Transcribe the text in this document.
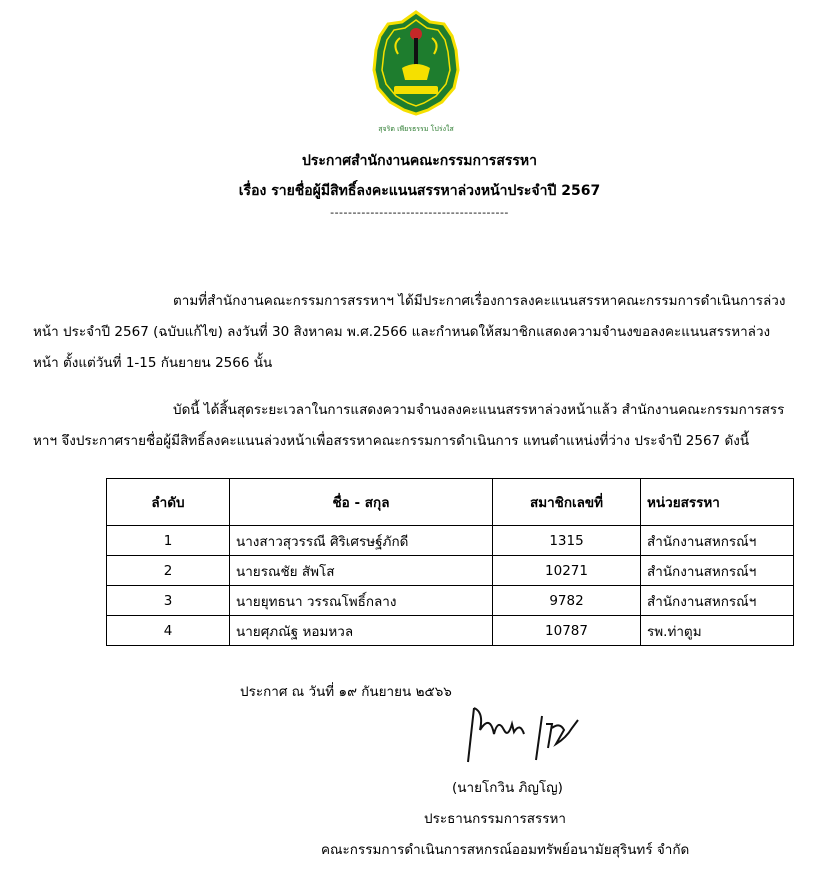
สุจริต เพียรธรรม โปร่งใส
ประกาศสำนักงานคณะกรรมการสรรหา
เรื่อง รายชื่อผู้มีสิทธิ์ลงคะแนนสรรหาล่วงหน้าประจำปี 2567
----------------------------------------
ตามที่สำนักงานคณะกรรมการสรรหาฯ ได้มีประกาศเรื่องการลงคะแนนสรรหาคณะกรรมการดำเนินการล่วงหน้า ประจำปี 2567 (ฉบับแก้ไข) ลงวันที่ 30 สิงหาคม พ.ศ.2566 และกำหนดให้สมาชิกแสดงความจำนงขอลงคะแนนสรรหาล่วงหน้า ตั้งแต่วันที่ 1-15 กันยายน 2566 นั้น
บัดนี้ ได้สิ้นสุดระยะเวลาในการแสดงความจำนงลงคะแนนสรรหาล่วงหน้าแล้ว สำนักงานคณะกรรมการสรรหาฯ จึงประกาศรายชื่อผู้มีสิทธิ์ลงคะแนนล่วงหน้าเพื่อสรรหาคณะกรรมการดำเนินการ แทนตำแหน่งที่ว่าง ประจำปี 2567 ดังนี้
ลำดับ	ชื่อ - สกุล	สมาชิกเลขที่	หน่วยสรรหา
1	นางสาวสุวรรณี ศิริเศรษฐ์ภักดี	1315	สำนักงานสหกรณ์ฯ
2	นายรณชัย สัพโส	10271	สำนักงานสหกรณ์ฯ
3	นายยุทธนา วรรณโพธิ์กลาง	9782	สำนักงานสหกรณ์ฯ
4	นายศุภณัฐ หอมหวล	10787	รพ.ท่าตูม
ประกาศ ณ วันที่ ๑๙ กันยายน ๒๕๖๖
(นายโกวิน ภิญโญ)
ประธานกรรมการสรรหา
คณะกรรมการดำเนินการสหกรณ์ออมทรัพย์อนามัยสุรินทร์ จำกัด
